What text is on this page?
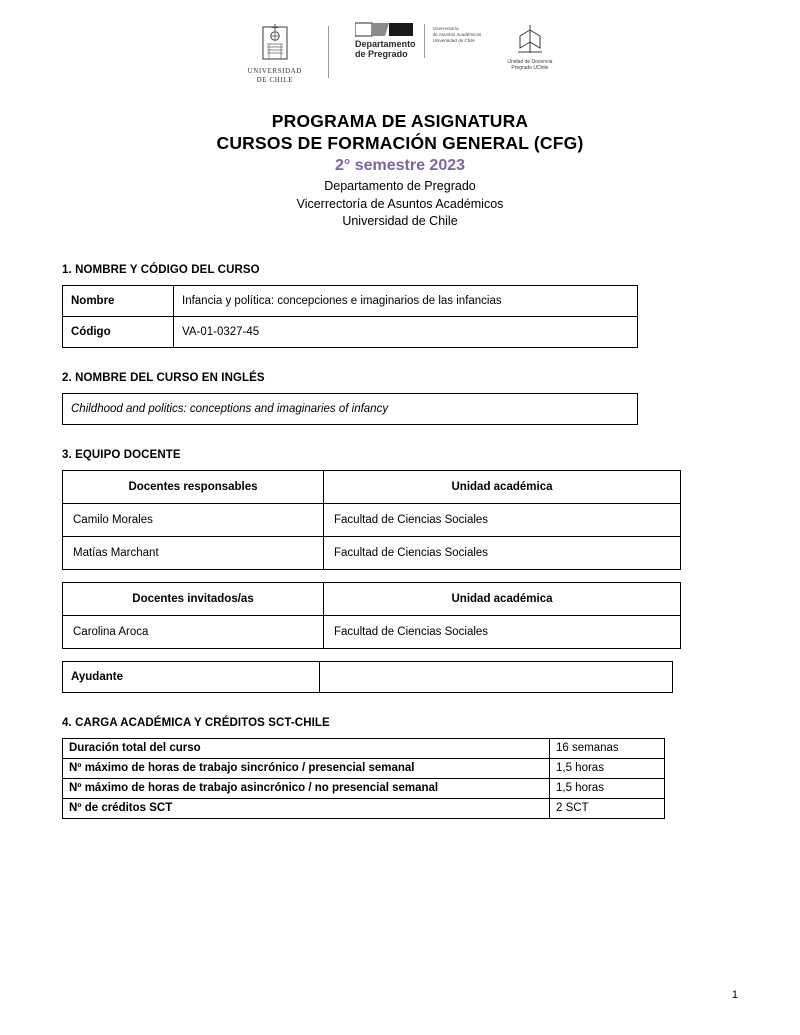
UNIVERSIDAD
DE CHILE
Departamento
de Pregrado
Vicerrectoría
de Asuntos Académicos
Universidad de Chile
Unidad de Docencia
Pregrado UChile
PROGRAMA DE ASIGNATURA
CURSOS DE FORMACIÓN GENERAL (CFG)
2° semestre 2023
Departamento de Pregrado
Vicerrectoría de Asuntos Académicos
Universidad de Chile
1. NOMBRE Y CÓDIGO DEL CURSO
Nombre	Infancia y política: concepciones e imaginarios de las infancias
Código	VA-01-0327-45
2. NOMBRE DEL CURSO EN INGLÉS
Childhood and politics: conceptions and imaginaries of infancy
3. EQUIPO DOCENTE
Docentes responsables	Unidad académica
Camilo Morales	Facultad de Ciencias Sociales
Matías Marchant	Facultad de Ciencias Sociales
Docentes invitados/as	Unidad académica
Carolina Aroca	Facultad de Ciencias Sociales
Ayudante	
4. CARGA ACADÉMICA Y CRÉDITOS SCT-CHILE
Duración total del curso	16 semanas
Nº máximo de horas de trabajo sincrónico / presencial semanal	1,5 horas
Nº máximo de horas de trabajo asincrónico / no presencial semanal	1,5 horas
Nº de créditos SCT	2 SCT
1
